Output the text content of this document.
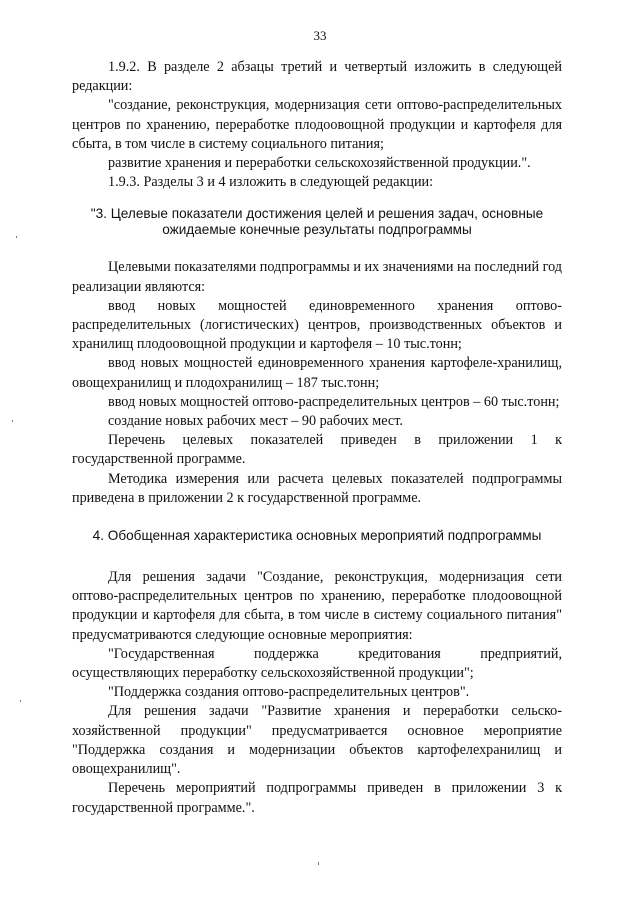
33

1.9.2. В разделе 2 абзацы третий и четвертый изложить в следующей редакции:

"создание, реконструкция, модернизация сети оптово-распределительных центров по хранению, переработке плодоовощной продукции и картофеля для сбыта, в том числе в систему социального питания;

развитие хранения и переработки сельскохозяйственной продукции.".

1.9.3. Разделы 3 и 4 изложить в следующей редакции:

"3. Целевые показатели достижения целей и решения задач, основные ожидаемые конечные результаты подпрограммы

Целевыми показателями подпрограммы и их значениями на последний год реализации являются:

ввод новых мощностей единовременного хранения оптово-распределительных (логистических) центров, производственных объектов и хранилищ плодоовощной продукции и картофеля – 10 тыс.тонн;

ввод новых мощностей единовременного хранения картофеле-хранилищ, овощехранилищ и плодохранилищ – 187 тыс.тонн;

ввод новых мощностей оптово-распределительных центров – 60 тыс.тонн;

создание новых рабочих мест – 90 рабочих мест.

Перечень целевых показателей приведен в приложении 1 к государственной программе.

Методика измерения или расчета целевых показателей подпрограммы приведена в приложении 2 к государственной программе.

4. Обобщенная характеристика основных мероприятий подпрограммы

Для решения задачи "Создание, реконструкция, модернизация сети оптово-распределительных центров по хранению, переработке плодоовощной продукции и картофеля для сбыта, в том числе в систему социального питания" предусматриваются следующие основные мероприятия:

"Государственная поддержка кредитования предприятий, осуществляющих переработку сельскохозяйственной продукции";

"Поддержка создания оптово-распределительных центров".

Для решения задачи "Развитие хранения и переработки сельско-хозяйственной продукции" предусматривается основное мероприятие "Поддержка создания и модернизации объектов картофелехранилищ и овощехранилищ".

Перечень мероприятий подпрограммы приведен в приложении 3 к государственной программе.".
